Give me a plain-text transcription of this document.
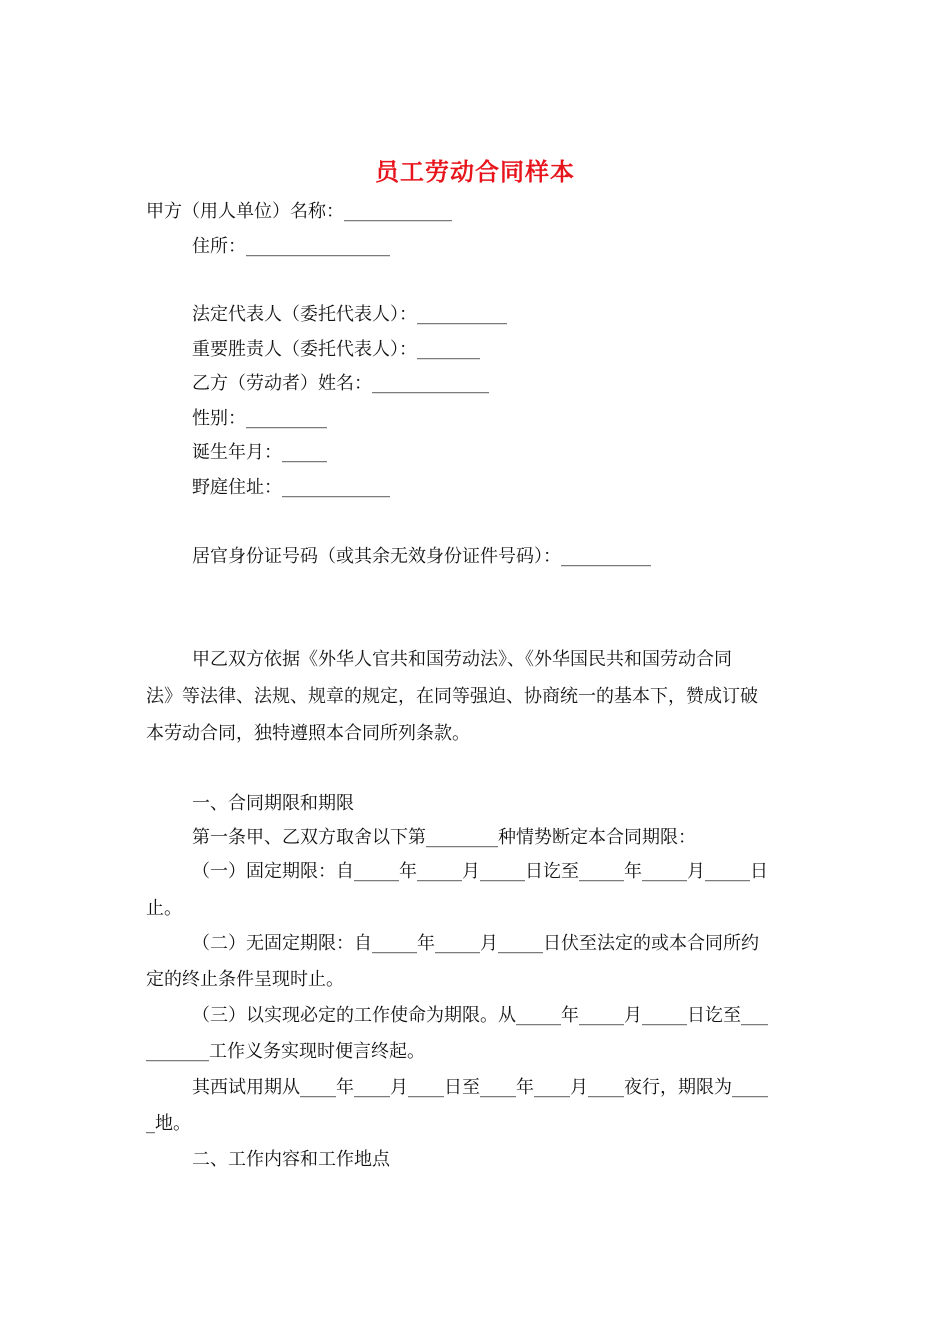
员工劳动合同样本
甲方（用人单位）名称：____________
住所：________________
法定代表人（委托代表人）：__________
重要胜责人（委托代表人）：_______
乙方（劳动者）姓名：_____________
性别：_________
诞生年月：_____
野庭住址：____________
居官身份证号码（或其余无效身份证件号码）：__________
甲乙双方依据《外华人官共和国劳动法》、《外华国民共和国劳动合同
法》等法律、法规、规章的规定，在同等强迫、协商统一的基本下，赞成订破
本劳动合同，独特遵照本合同所列条款。
一、合同期限和期限
第一条甲、乙双方取舍以下第________种情势断定本合同期限：
（一）固定期限：自_____年_____月_____日讫至_____年_____月_____日
止。
（二）无固定期限：自_____年_____月_____日伏至法定的或本合同所约
定的终止条件呈现时止。
（三）以实现必定的工作使命为期限。从_____年_____月_____日讫至___
_______工作义务实现时便言终起。
其西试用期从____年____月____日至____年____月____夜行，期限为____
_地。
二、工作内容和工作地点
